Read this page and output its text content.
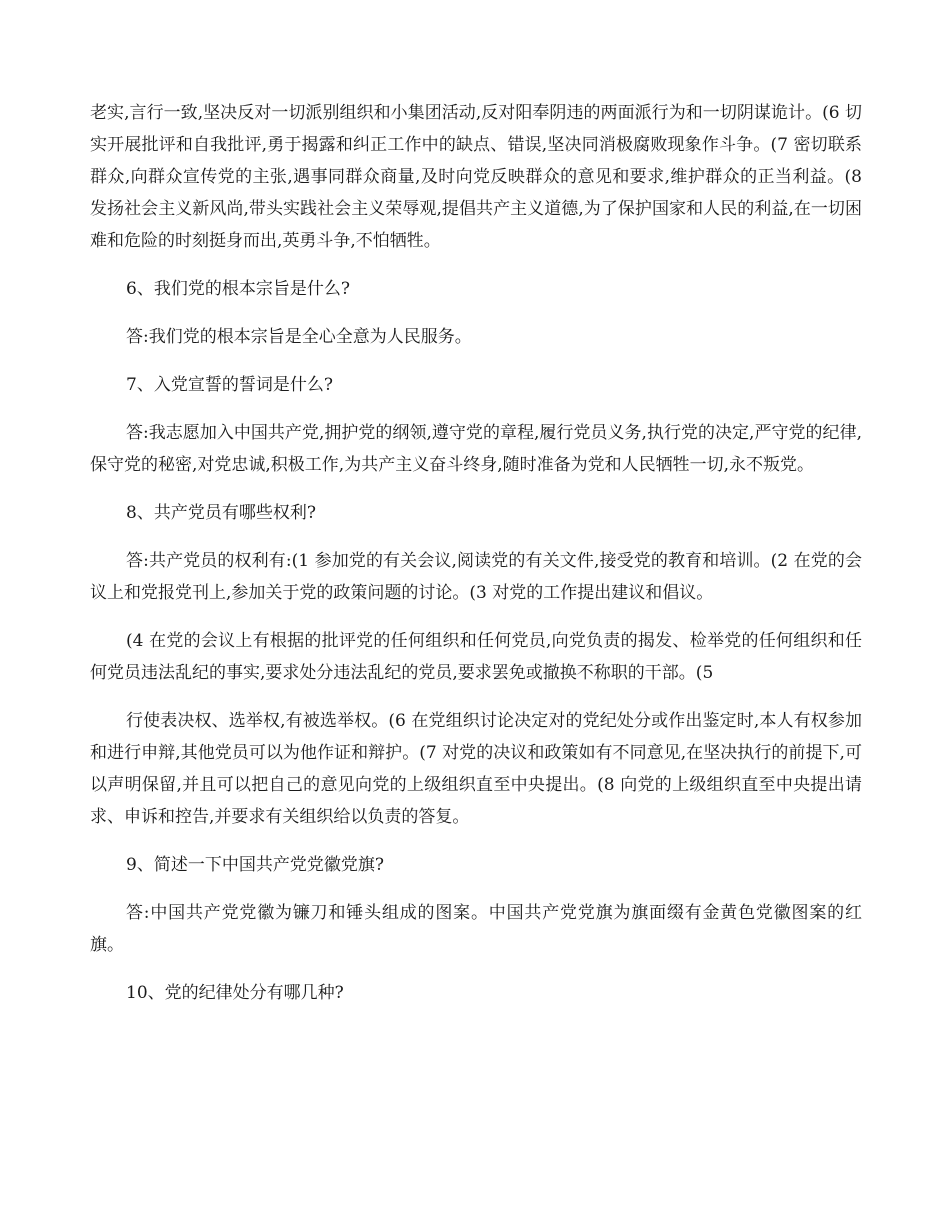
老实,言行一致,坚决反对一切派别组织和小集团活动,反对阳奉阴违的两面派行为和一切阴谋诡计。(6 切实开展批评和自我批评,勇于揭露和纠正工作中的缺点、错误,坚决同消极腐败现象作斗争。(7 密切联系群众,向群众宣传党的主张,遇事同群众商量,及时向党反映群众的意见和要求,维护群众的正当利益。(8 发扬社会主义新风尚,带头实践社会主义荣辱观,提倡共产主义道德,为了保护国家和人民的利益,在一切困难和危险的时刻挺身而出,英勇斗争,不怕牺牲。

6、我们党的根本宗旨是什么?

答:我们党的根本宗旨是全心全意为人民服务。

7、入党宣誓的誓词是什么?

答:我志愿加入中国共产党,拥护党的纲领,遵守党的章程,履行党员义务,执行党的决定,严守党的纪律,保守党的秘密,对党忠诚,积极工作,为共产主义奋斗终身,随时准备为党和人民牺牲一切,永不叛党。

8、共产党员有哪些权利?

答:共产党员的权利有:(1 参加党的有关会议,阅读党的有关文件,接受党的教育和培训。(2 在党的会议上和党报党刊上,参加关于党的政策问题的讨论。(3 对党的工作提出建议和倡议。

(4 在党的会议上有根据的批评党的任何组织和任何党员,向党负责的揭发、检举党的任何组织和任何党员违法乱纪的事实,要求处分违法乱纪的党员,要求罢免或撤换不称职的干部。(5

行使表决权、选举权,有被选举权。(6 在党组织讨论决定对的党纪处分或作出鉴定时,本人有权参加和进行申辩,其他党员可以为他作证和辩护。(7 对党的决议和政策如有不同意见,在坚决执行的前提下,可以声明保留,并且可以把自己的意见向党的上级组织直至中央提出。(8 向党的上级组织直至中央提出请求、申诉和控告,并要求有关组织给以负责的答复。

9、简述一下中国共产党党徽党旗?

答:中国共产党党徽为镰刀和锤头组成的图案。中国共产党党旗为旗面缀有金黄色党徽图案的红旗。

10、党的纪律处分有哪几种?
